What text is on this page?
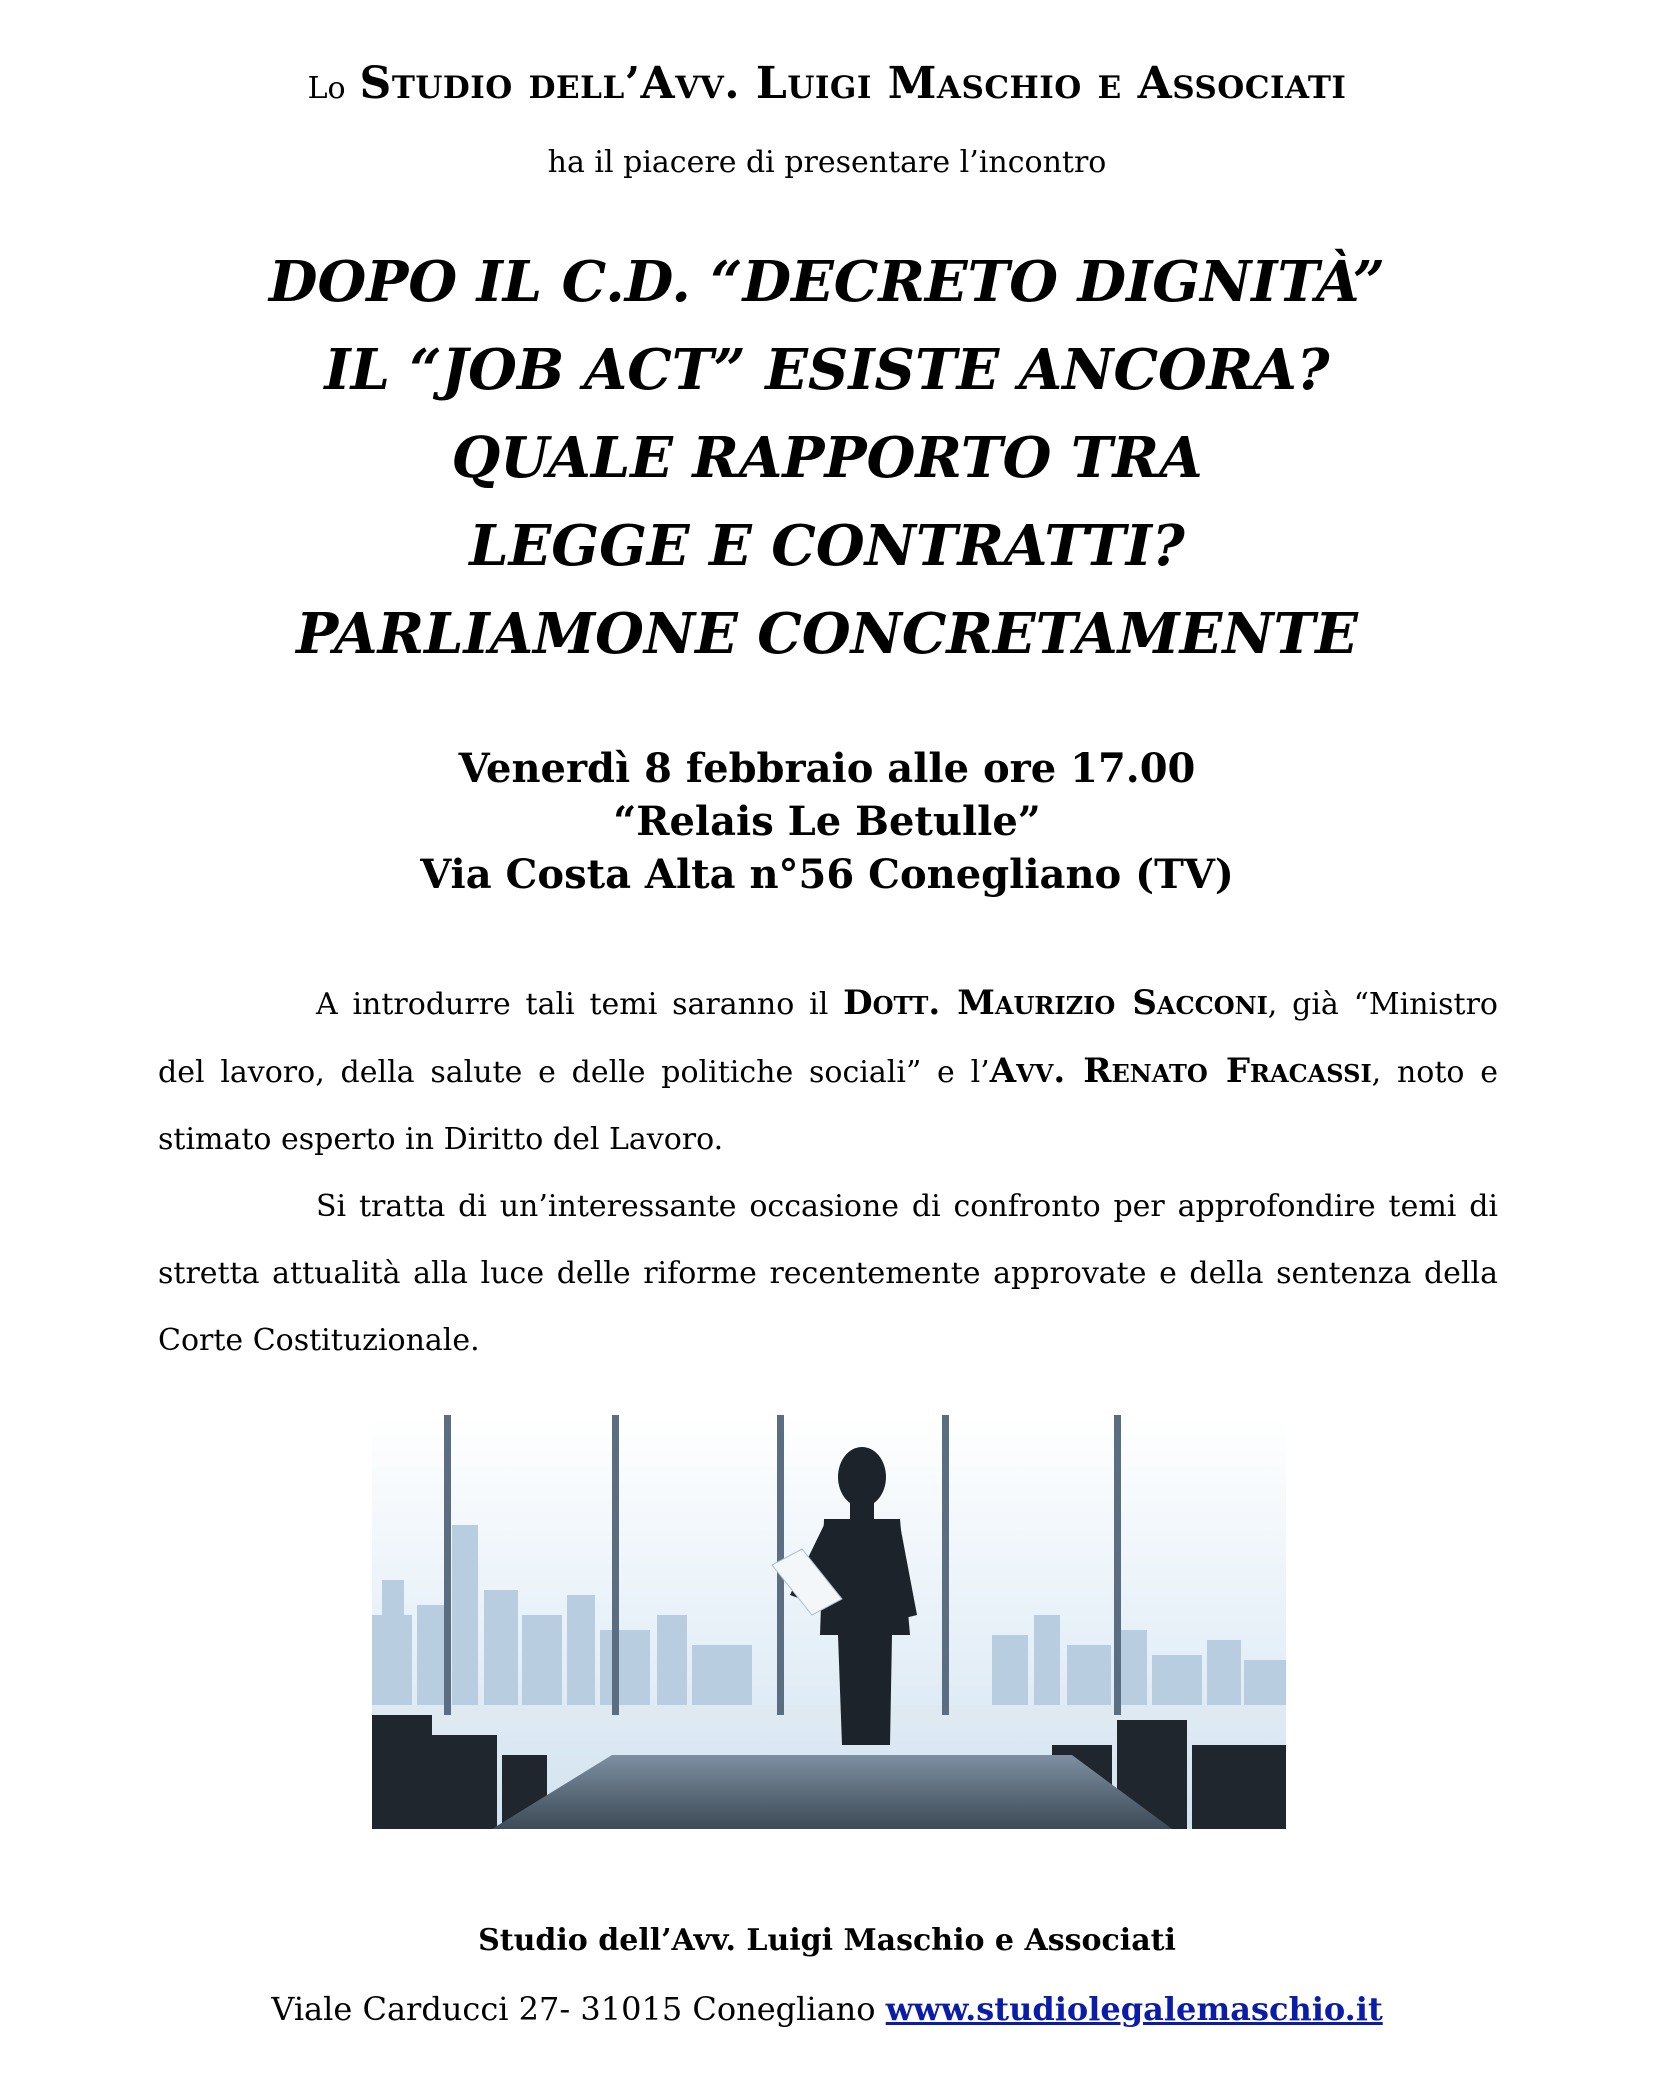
Lo Studio dell’Avv. Luigi Maschio e Associati
ha il piacere di presentare l’incontro
DOPO IL C.D. “DECRETO DIGNITÀ”
IL “JOB ACT” ESISTE ANCORA?
QUALE RAPPORTO TRA
LEGGE E CONTRATTI?
PARLIAMONE CONCRETAMENTE
Venerdì 8 febbraio alle ore 17.00
“Relais Le Betulle”
Via Costa Alta n°56 Conegliano (TV)

A introdurre tali temi saranno il Dott. Maurizio Sacconi, già “Ministro del lavoro, della salute e delle politiche sociali” e l’Avv. Renato Fracassi, noto e stimato esperto in Diritto del Lavoro.

Si tratta di un’interessante occasione di confronto per approfondire temi di stretta attualità alla luce delle riforme recentemente approvate e della sentenza della Corte Costituzionale.

Studio dell’Avv. Luigi Maschio e Associati
Viale Carducci 27- 31015 Conegliano www.studiolegalemaschio.it
